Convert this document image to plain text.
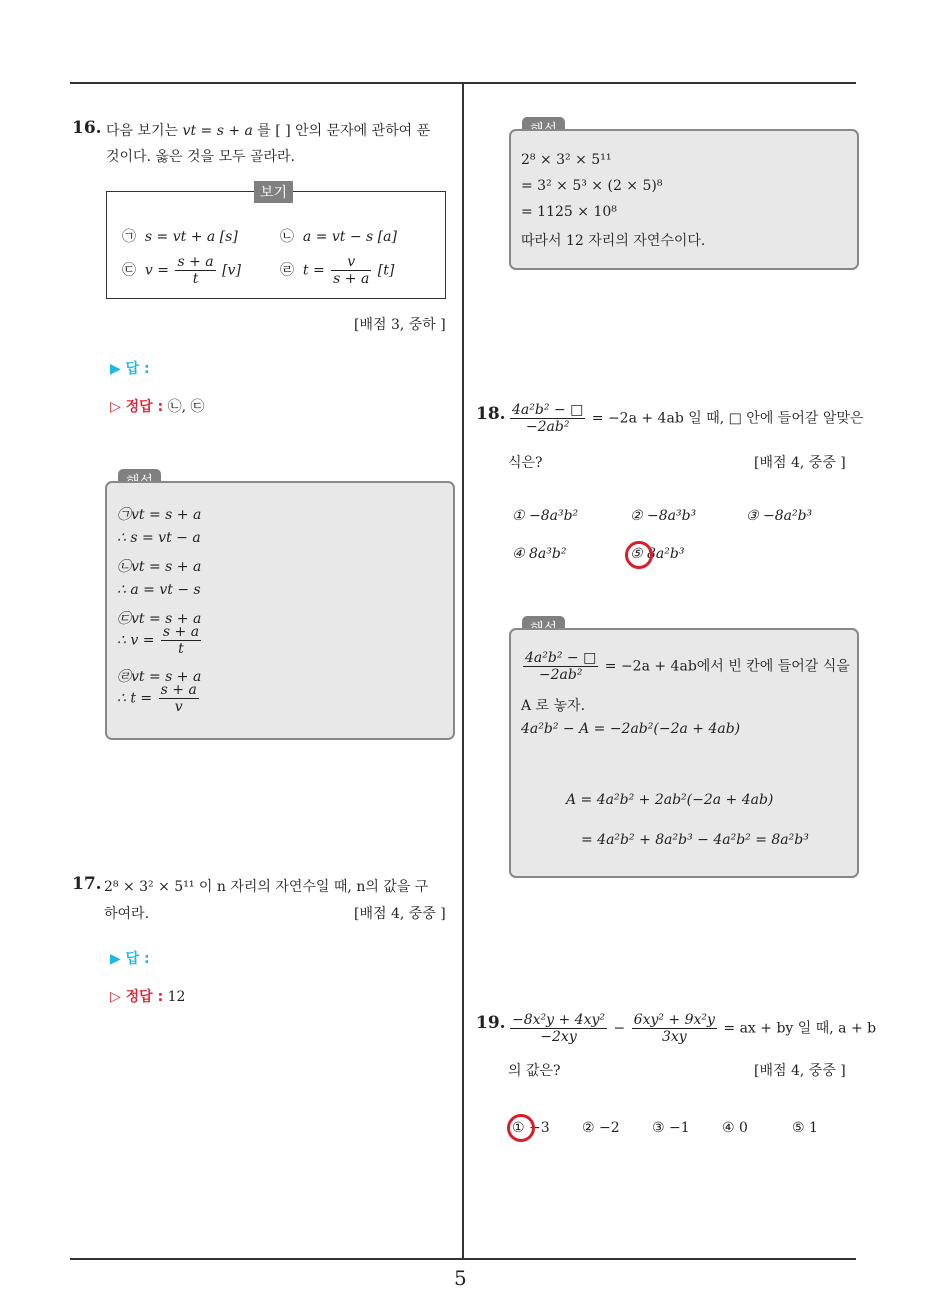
5
16. 다음 보기는 vt = s + a 를 [ ] 안의 문자에 관하여 푼
것이다. 옳은 것을 모두 골라라.
보기
㉠ s = vt + a [s]	㉡ a = vt − s [a]
㉢ $v = \frac{s + a}{t} [v]$	㉣ $t = \frac{v}{s + a} [t]$
[배점 3, 중하 ]
▶ 답 :
▷ 정답 : ㉡, ㉢
㉠vt = s + a
∴ s = vt − a
㉡vt = s + a
∴ a = vt − s
㉢vt = s + a
∴ $v = \frac{s + a}{t}$
㉣vt = s + a
∴ $t = \frac{s + a}{v}$
17. 2⁸ × 3² × 5¹¹ 이 n 자리의 자연수일 때, n의 값을 구
하여라.	[배점 4, 중중 ]
▶ 답 :
▷ 정답 : 12
2⁸ × 3² × 5¹¹
= 3² × 5³ × (2 × 5)⁸
= 1125 × 10⁸
따라서 12 자리의 자연수이다.
18. $\frac{\text{4a²b² − □}}{\text{−2ab²}} = -2a + 4ab$ 일 때, □ 안에 들어갈 알맞은
식은?	[배점 4, 중중 ]
① −8a³b²	② −8a³b³	③ −8a²b³
④ 8a³b²	⑤ 8a²b³
$\frac{\text{4a²b² − □}}{\text{−2ab²}} = -2a + 4ab$에서 빈 칸에 들어갈 식을
A 로 놓자.
4a²b² − A = −2ab²(−2a + 4ab)
A = 4a²b² + 2ab²(−2a + 4ab)
= 4a²b² + 8a²b³ − 4a²b² = 8a²b³
19. $\frac{\text{−8x²y + 4xy²}}{-2xy} - \frac{\text{6xy² + 9x²y}}{3xy}$ = ax + by 일 때, a + b
의 값은?	[배점 4, 중중 ]
① −3 ② −2 ③ −1 ④ 0	⑤ 1
